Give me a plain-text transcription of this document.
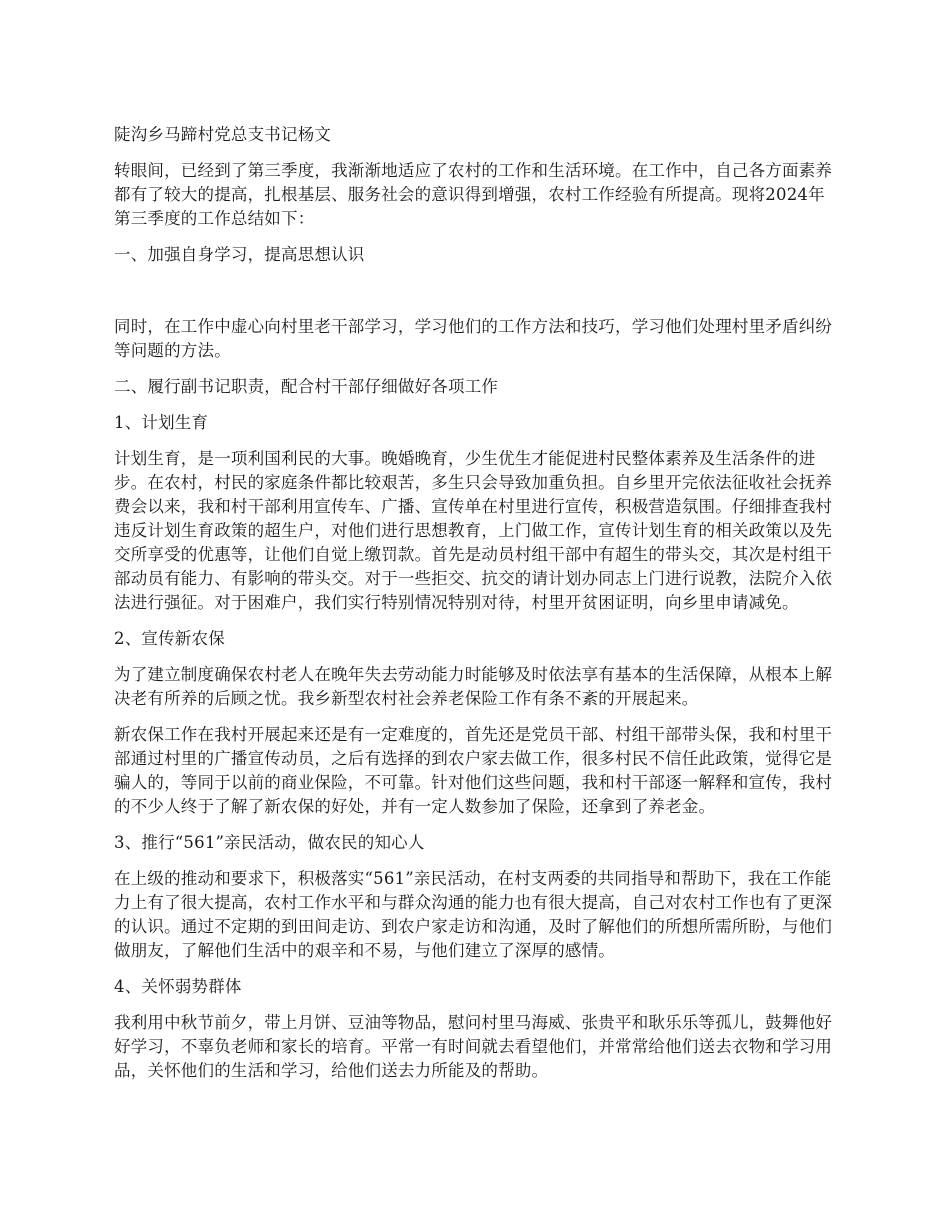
陡沟乡马蹄村党总支书记杨文

转眼间，已经到了第三季度，我渐渐地适应了农村的工作和生活环境。在工作中，自己各方面素养都有了较大的提高，扎根基层、服务社会的意识得到增强，农村工作经验有所提高。现将2024年第三季度的工作总结如下：

一、加强自身学习，提高思想认识

同时，在工作中虚心向村里老干部学习，学习他们的工作方法和技巧，学习他们处理村里矛盾纠纷等问题的方法。

二、履行副书记职责，配合村干部仔细做好各项工作

1、计划生育

计划生育，是一项利国利民的大事。晚婚晚育，少生优生才能促进村民整体素养及生活条件的进步。在农村，村民的家庭条件都比较艰苦，多生只会导致加重负担。自乡里开完依法征收社会抚养费会以来，我和村干部利用宣传车、广播、宣传单在村里进行宣传，积极营造氛围。仔细排查我村违反计划生育政策的超生户，对他们进行思想教育，上门做工作，宣传计划生育的相关政策以及先交所享受的优惠等，让他们自觉上缴罚款。首先是动员村组干部中有超生的带头交，其次是村组干部动员有能力、有影响的带头交。对于一些拒交、抗交的请计划办同志上门进行说教，法院介入依法进行强征。对于困难户，我们实行特别情况特别对待，村里开贫困证明，向乡里申请减免。

2、宣传新农保

为了建立制度确保农村老人在晚年失去劳动能力时能够及时依法享有基本的生活保障，从根本上解决老有所养的后顾之忧。我乡新型农村社会养老保险工作有条不紊的开展起来。

新农保工作在我村开展起来还是有一定难度的，首先还是党员干部、村组干部带头保，我和村里干部通过村里的广播宣传动员，之后有选择的到农户家去做工作，很多村民不信任此政策，觉得它是骗人的，等同于以前的商业保险，不可靠。针对他们这些问题，我和村干部逐一解释和宣传，我村的不少人终于了解了新农保的好处，并有一定人数参加了保险，还拿到了养老金。

3、推行“561”亲民活动，做农民的知心人

在上级的推动和要求下，积极落实“561”亲民活动，在村支两委的共同指导和帮助下，我在工作能力上有了很大提高，农村工作水平和与群众沟通的能力也有很大提高，自己对农村工作也有了更深的认识。通过不定期的到田间走访、到农户家走访和沟通，及时了解他们的所想所需所盼，与他们做朋友，了解他们生活中的艰辛和不易，与他们建立了深厚的感情。

4、关怀弱势群体

我利用中秋节前夕，带上月饼、豆油等物品，慰问村里马海威、张贵平和耿乐乐等孤儿，鼓舞他好好学习，不辜负老师和家长的培育。平常一有时间就去看望他们，并常常给他们送去衣物和学习用品，关怀他们的生活和学习，给他们送去力所能及的帮助。
